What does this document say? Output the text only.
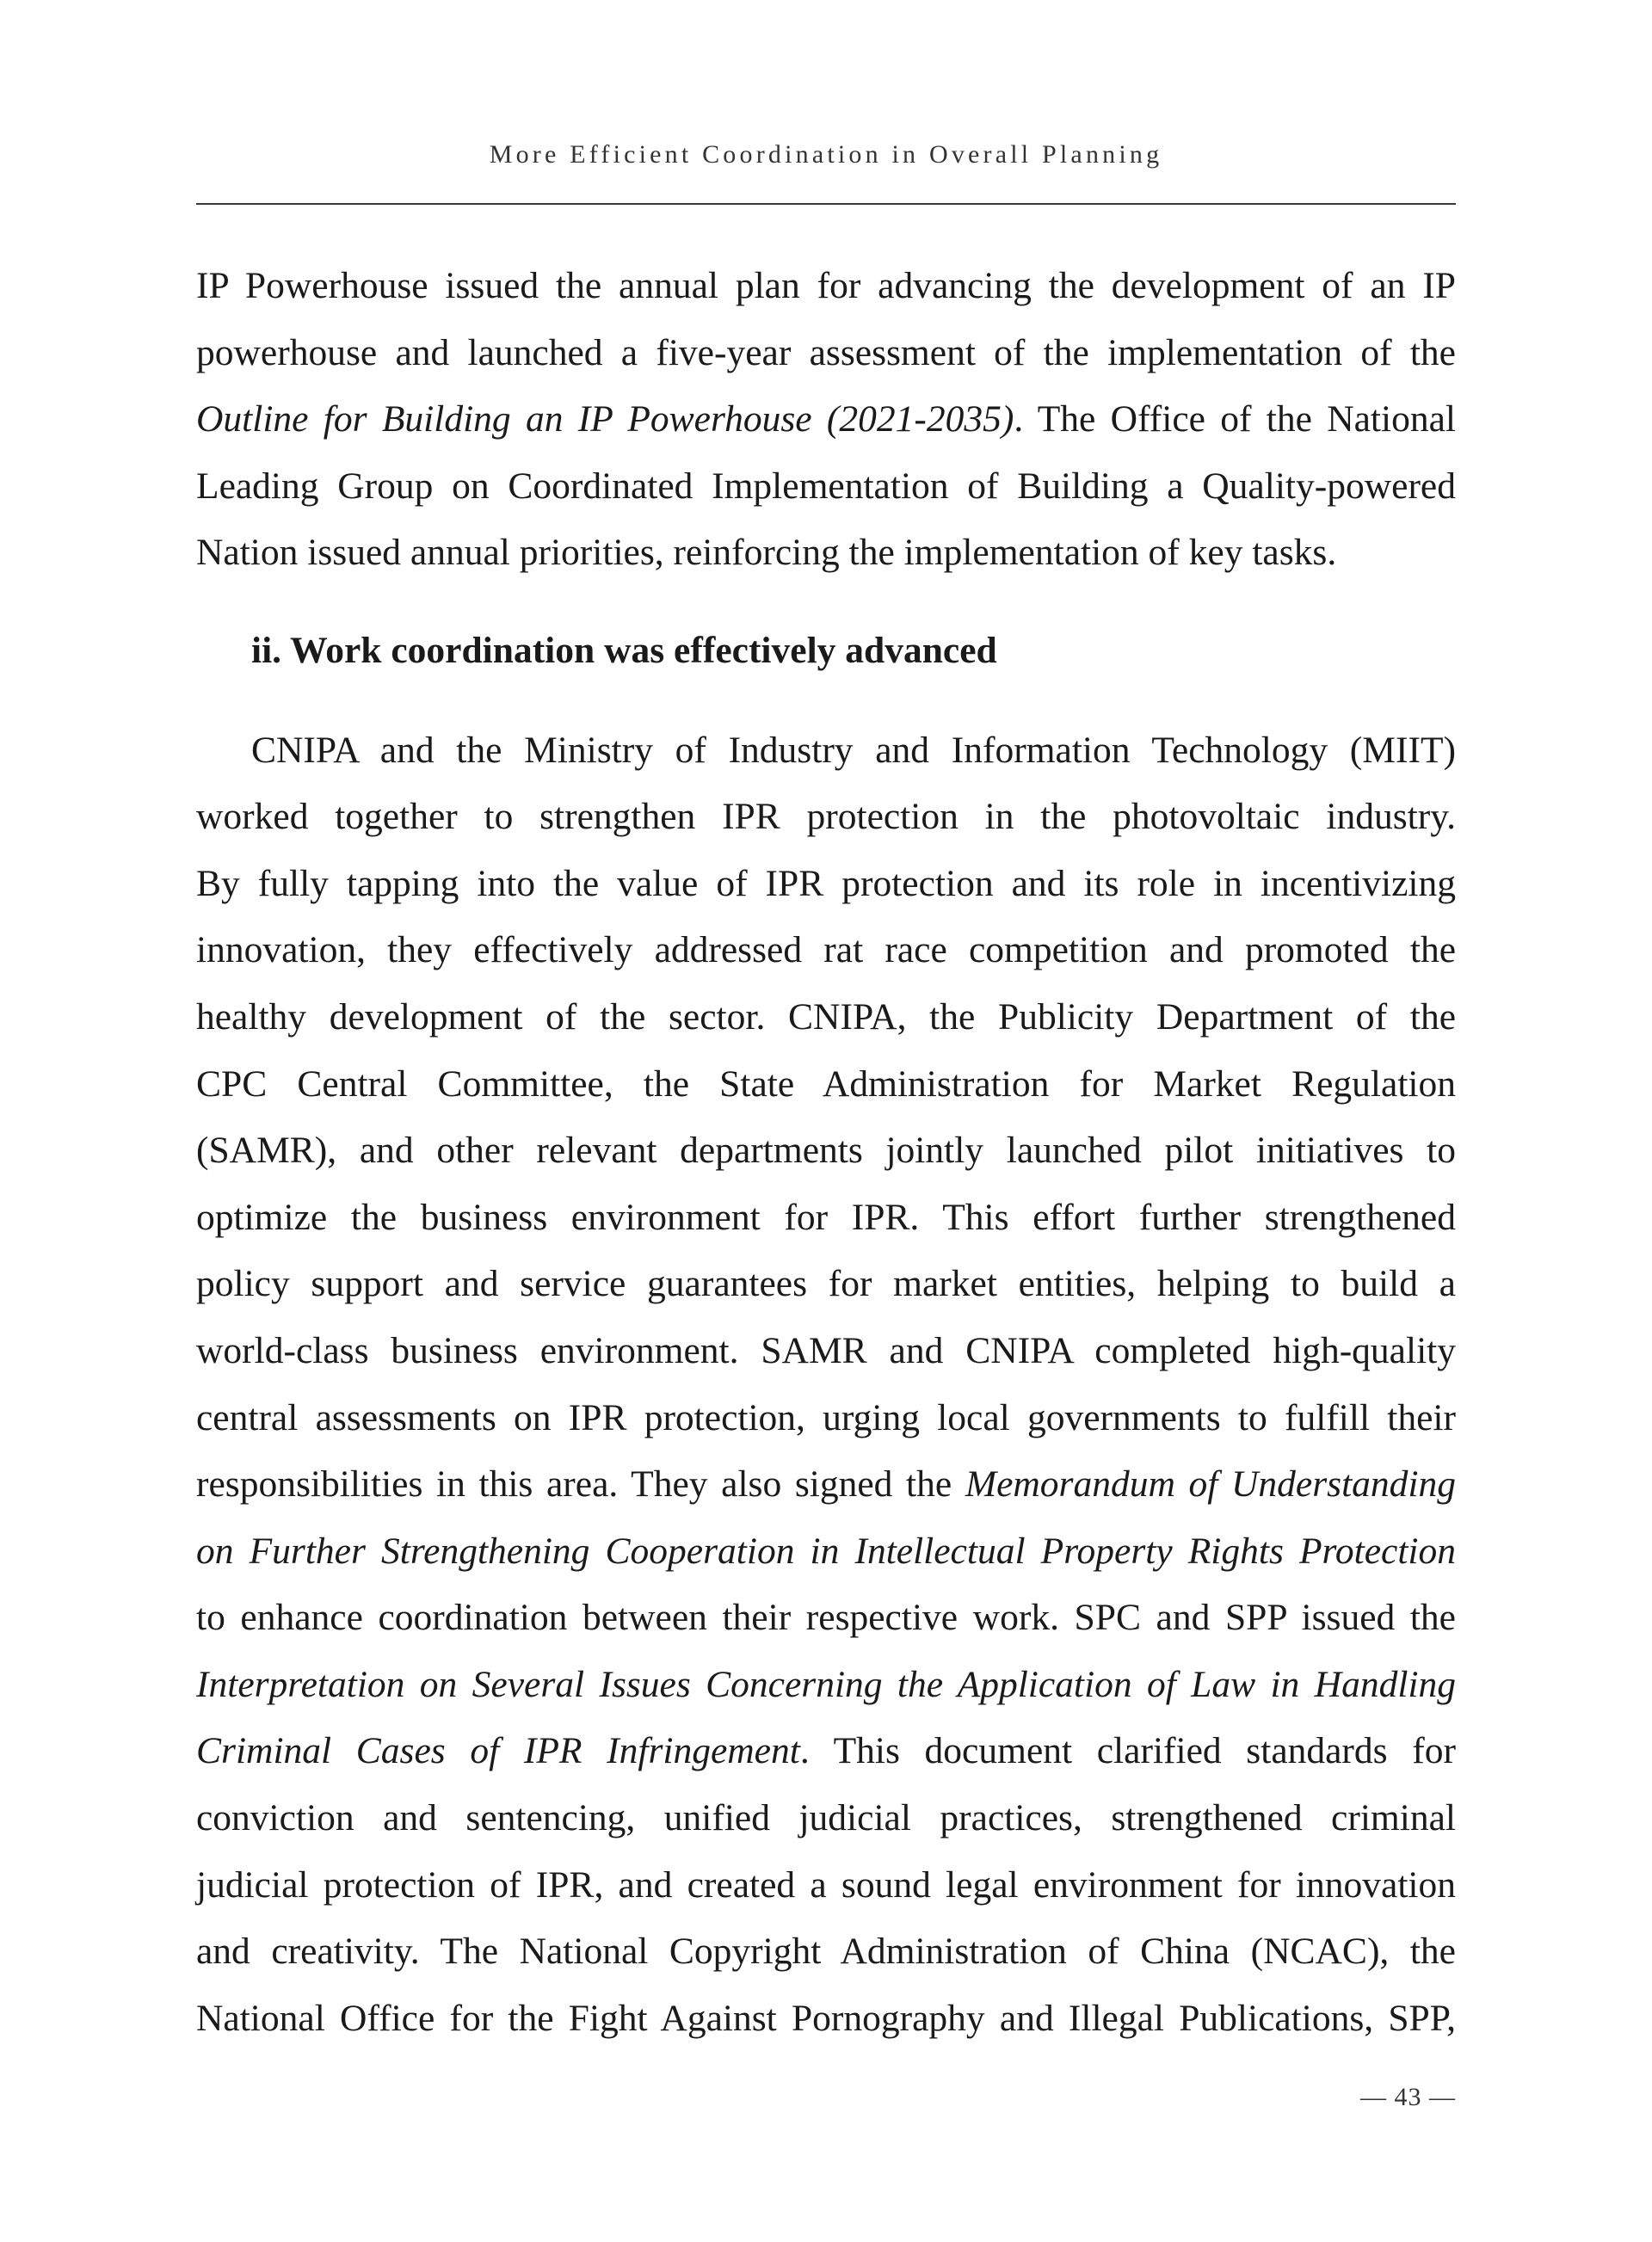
More Efficient Coordination in Overall Planning
IP Powerhouse issued the annual plan for advancing the development of an IP
powerhouse and launched a five-year assessment of the implementation of the
Outline for Building an IP Powerhouse (2021-2035). The Office of the National
Leading Group on Coordinated Implementation of Building a Quality-powered
Nation issued annual priorities, reinforcing the implementation of key tasks.
ii. Work coordination was effectively advanced
CNIPA and the Ministry of Industry and Information Technology (MIIT)
worked together to strengthen IPR protection in the photovoltaic industry.
By fully tapping into the value of IPR protection and its role in incentivizing
innovation, they effectively addressed rat race competition and promoted the
healthy development of the sector. CNIPA, the Publicity Department of the
CPC Central Committee, the State Administration for Market Regulation
(SAMR), and other relevant departments jointly launched pilot initiatives to
optimize the business environment for IPR. This effort further strengthened
policy support and service guarantees for market entities, helping to build a
world-class business environment. SAMR and CNIPA completed high-quality
central assessments on IPR protection, urging local governments to fulfill their
responsibilities in this area. They also signed the Memorandum of Understanding
on Further Strengthening Cooperation in Intellectual Property Rights Protection
to enhance coordination between their respective work. SPC and SPP issued the
Interpretation on Several Issues Concerning the Application of Law in Handling
Criminal Cases of IPR Infringement. This document clarified standards for
conviction and sentencing, unified judicial practices, strengthened criminal
judicial protection of IPR, and created a sound legal environment for innovation
and creativity. The National Copyright Administration of China (NCAC), the
National Office for the Fight Against Pornography and Illegal Publications, SPP,
— 43 —
